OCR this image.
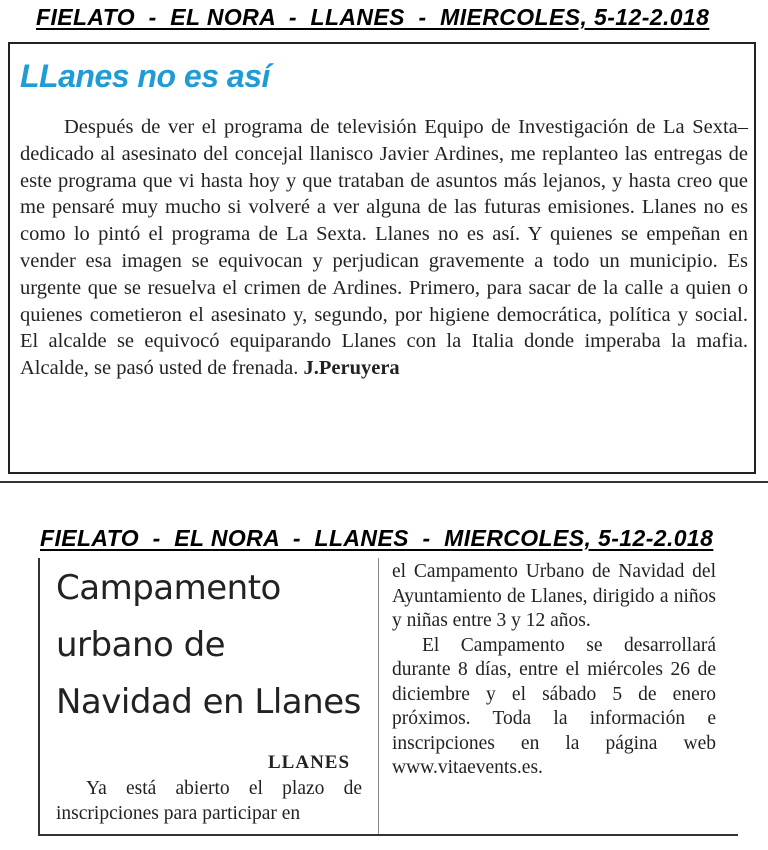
FIELATO  -  EL NORA  -  LLANES  -  MIERCOLES, 5-12-2.018
LLanes no es así
Después de ver el programa de televisión Equipo de Investigación de La Sexta– dedicado al asesinato del concejal llanisco Javier Ardines, me replanteo las entregas de este programa que vi hasta hoy y que trataban de asuntos más lejanos, y hasta creo que me pensaré muy mucho si volveré a ver alguna de las futuras emisiones. Llanes no es como lo pintó el programa de La Sexta. Llanes no es así. Y quienes se empeñan en vender esa imagen se equivocan y perjudican gravemente a todo un municipio. Es urgente que se resuelva el crimen de Ardines. Primero, para sacar de la calle a quien o quienes cometieron el asesinato y, segundo, por higiene democrática, política y social. El alcalde se equivocó equiparando Llanes con la Italia donde imperaba la mafia. Alcalde, se pasó usted de frenada. J.Peruyera
FIELATO  -  EL NORA  -  LLANES  -  MIERCOLES, 5-12-2.018
Campamento
urbano de
Navidad en Llanes
LLANES
Ya está abierto el plazo de inscripciones para participar en

el Campamento Urbano de Navidad del Ayuntamiento de Llanes, dirigido a niños y niñas entre 3 y 12 años.

El Campamento se desarrollará durante 8 días, entre el miércoles 26 de diciembre y el sábado 5 de enero próximos. Toda la información e inscripciones en la página web www.vitaevents.es.
